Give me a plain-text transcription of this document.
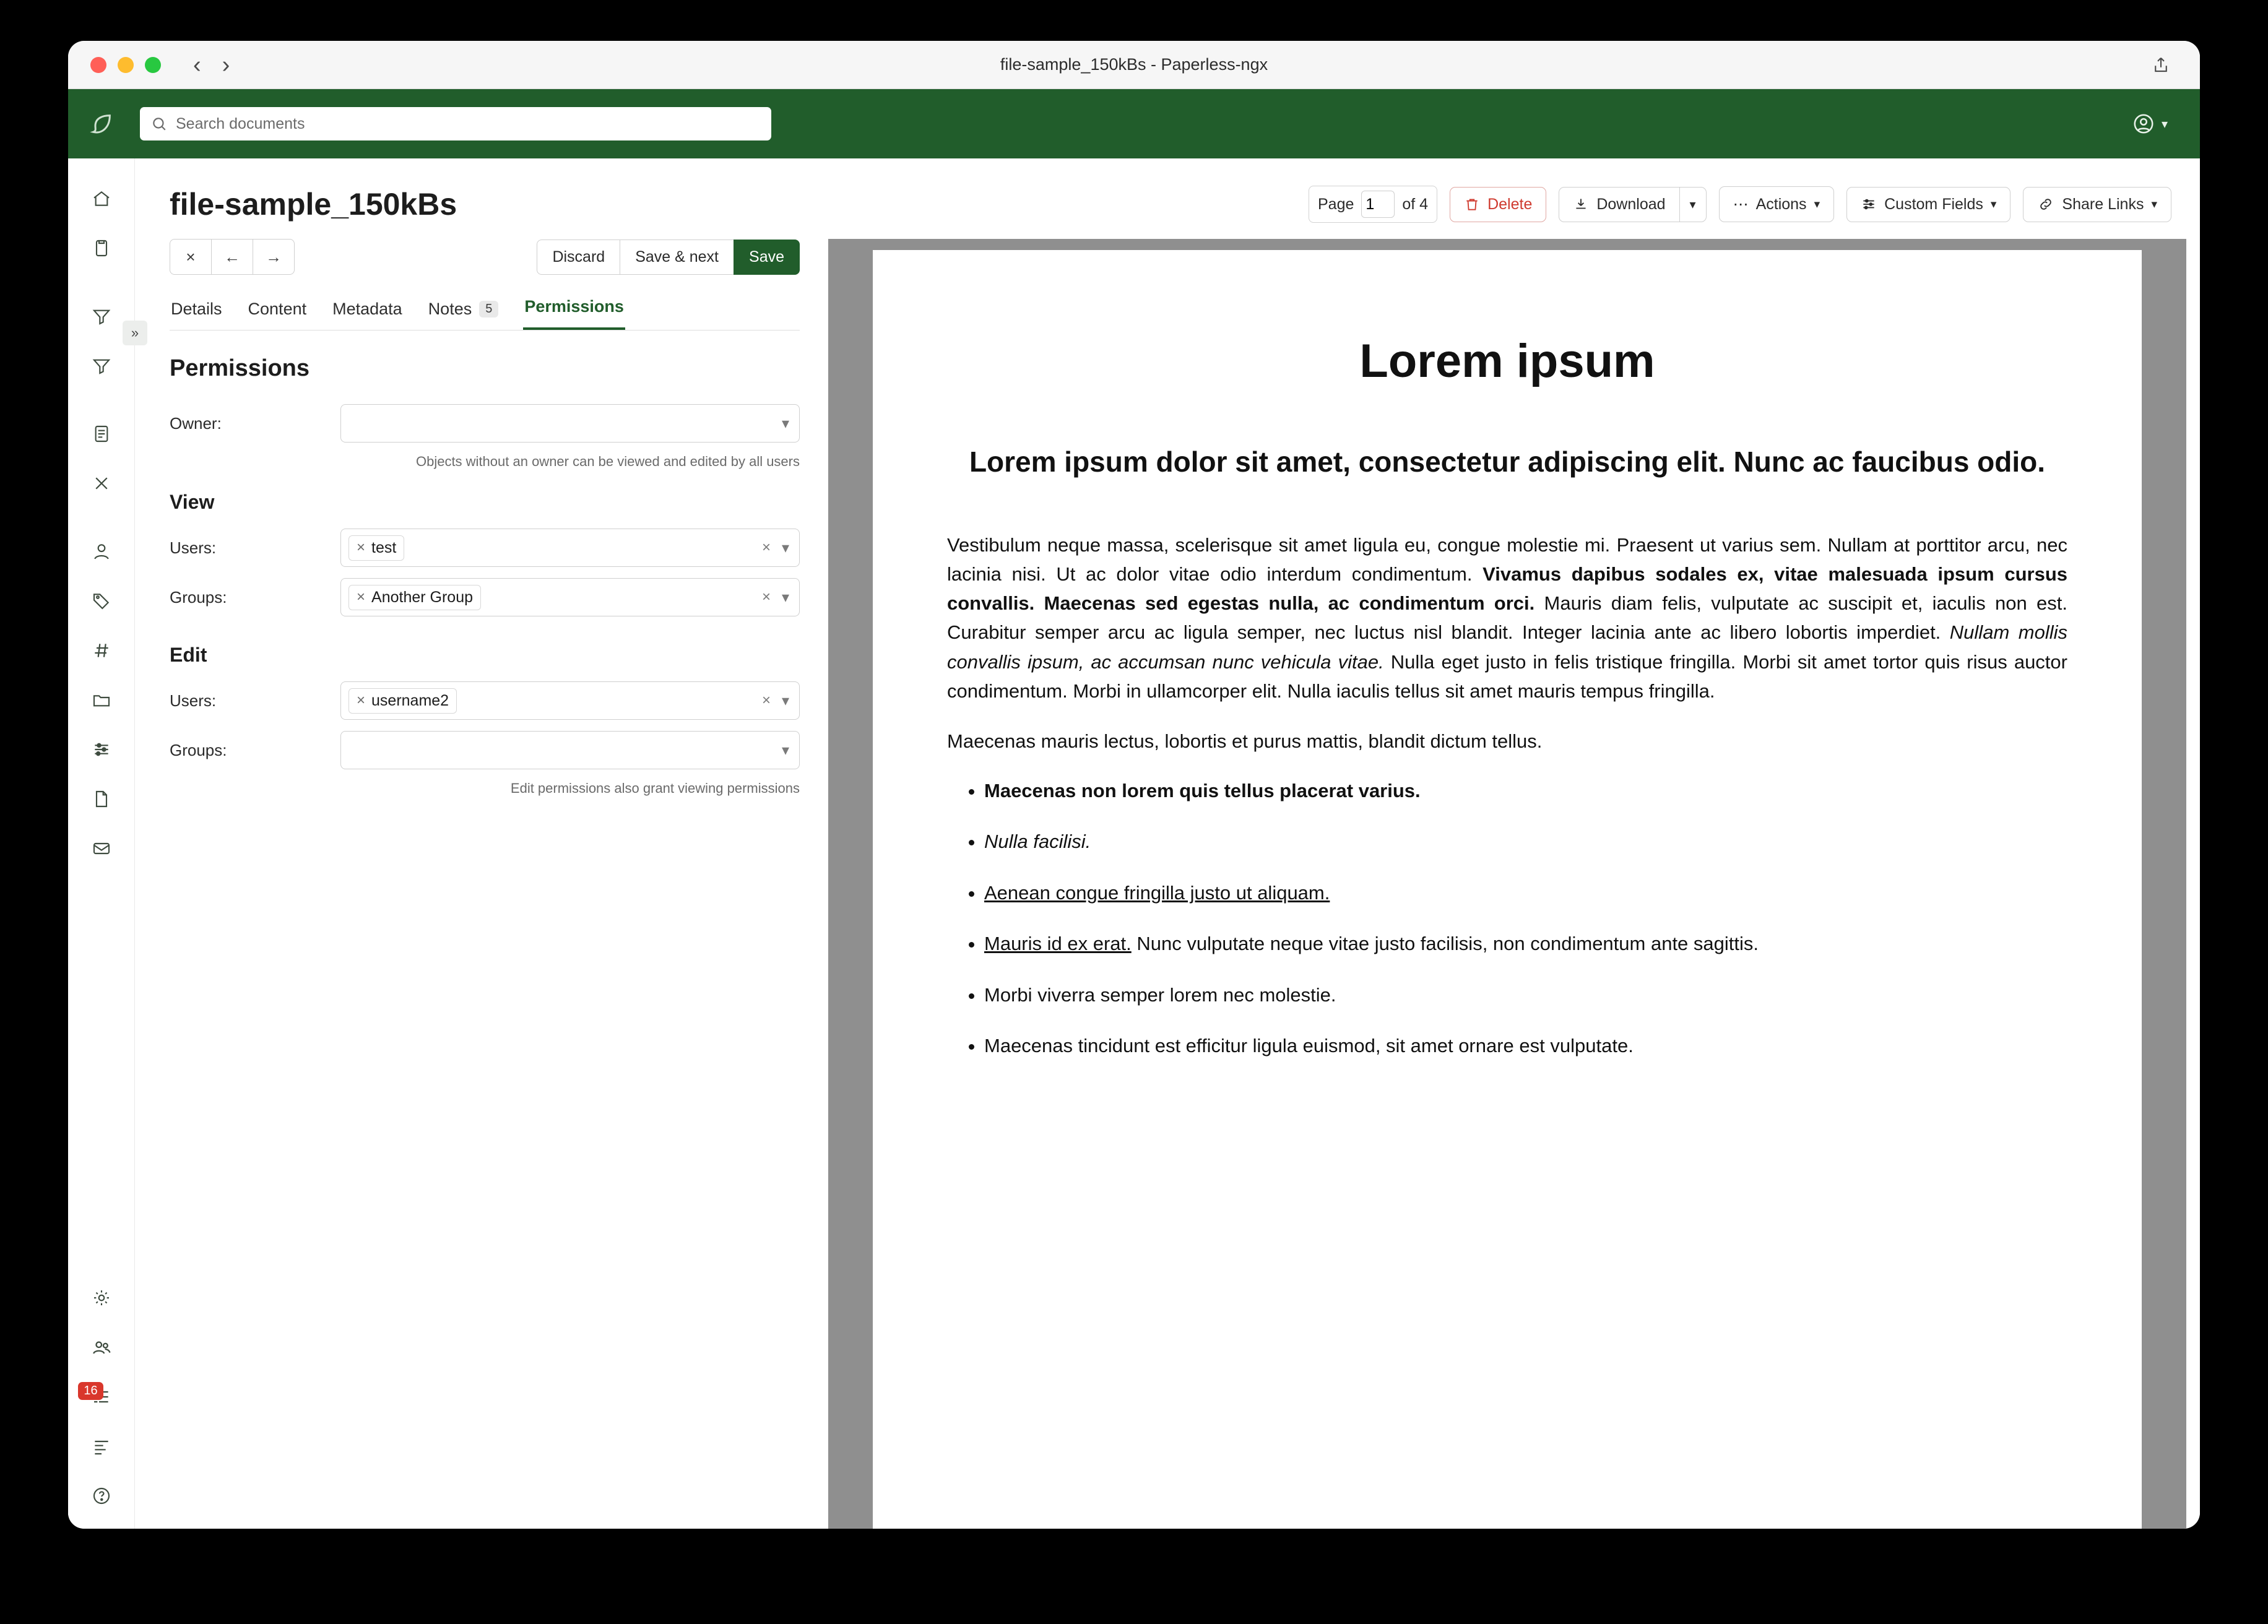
‹ ›	file-sample_150kBs - Paperless-ngx
Search documents	▾
»
16
file-sample_150kBs	Page
1	of 4	Delete	Download ▾ ⋯ Actions ▾	Custom Fields ▾	Share Links ▾
×	←	→	Discard	Save & next	Save
Details Content Metadata Notes	5	Permissions
Permissions
Owner:	▾
Objects without an owner can be viewed and edited by all users
View
Users:	× test	× ▾
Groups:	× Another Group	× ▾
Edit
Users:	× username2	× ▾
Groups:	▾
Edit permissions also grant viewing permissions
Lorem ipsum
Lorem ipsum dolor sit amet, consectetur adipiscing elit. Nunc ac faucibus odio.

Vestibulum neque massa, scelerisque sit amet ligula eu, congue molestie mi. Praesent ut varius sem. Nullam at porttitor arcu, nec lacinia nisi. Ut ac dolor vitae odio interdum condimentum. Vivamus dapibus sodales ex, vitae malesuada ipsum cursus convallis. Maecenas sed egestas nulla, ac condimentum orci. Mauris diam felis, vulputate ac suscipit et, iaculis non est. Curabitur semper arcu ac ligula semper, nec luctus nisl blandit. Integer lacinia ante ac libero lobortis imperdiet. Nullam mollis convallis ipsum, ac accumsan nunc vehicula vitae. Nulla eget justo in felis tristique fringilla. Morbi sit amet tortor quis risus auctor condimentum. Morbi in ullamcorper elit. Nulla iaculis tellus sit amet mauris tempus fringilla.

Maecenas mauris lectus, lobortis et purus mattis, blandit dictum tellus.

• Maecenas non lorem quis tellus placerat varius.
• Nulla facilisi.
• Aenean congue fringilla justo ut aliquam.
• Mauris id ex erat. Nunc vulputate neque vitae justo facilisis, non condimentum ante sagittis.
• Morbi viverra semper lorem nec molestie.
• Maecenas tincidunt est efficitur ligula euismod, sit amet ornare est vulputate.
